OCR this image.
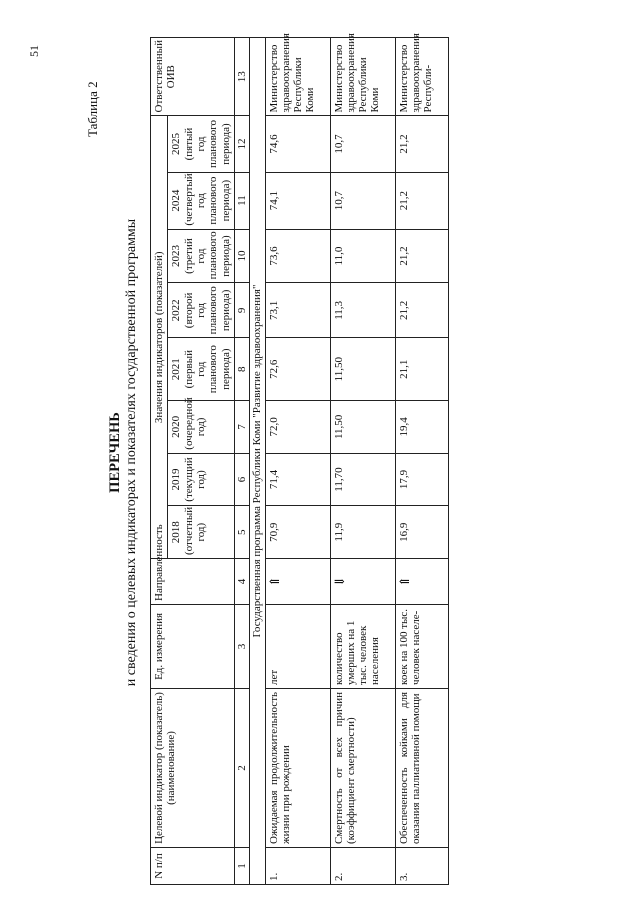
51
Таблица 2
ПЕРЕЧЕНЬ и сведения о целевых индикаторах и показателях государственной программы
N п/п	Целевой индикатор (показатель) (наименование)	Ед. измерения	Направленность	Значения индикаторов (показателей)								Ответственный ОИВ
				2018 (отчетный год)	2019 (текущий год)	2020 (очередной год)	2021 (первый год планового периода)	2022 (второй год планового периода)	2023 (третий год планового периода)	2024 (четвертый год планового периода)	2025 (пятый год планового периода)	
1	2	3	4	5	6	7	8	9	10	11	12	13
Государственная программа Республики Коми "Развитие здравоохранения"												
1.	Ожидаемая продолжительность жизни при рождении	лет	⇑	70,9	71,4	72,0	72,6	73,1	73,6	74,1	74,6	Министерство здравоохранения Республики Коми
2.	Смертность от всех причин (коэффициент смертности)	количество умерших на 1 тыс. человек населения	⇓	11,9	11,70	11,50	11,50	11,3	11,0	10,7	10,7	Министерство здравоохранения Республики Коми
3.	Обеспеченность койками для оказания паллиативной помощи	коек на 100 тыс. человек населе-	⇑	16,9	17,9	19,4	21,1	21,2	21,2	21,2	21,2	Министерство здравоохранения Республи-
